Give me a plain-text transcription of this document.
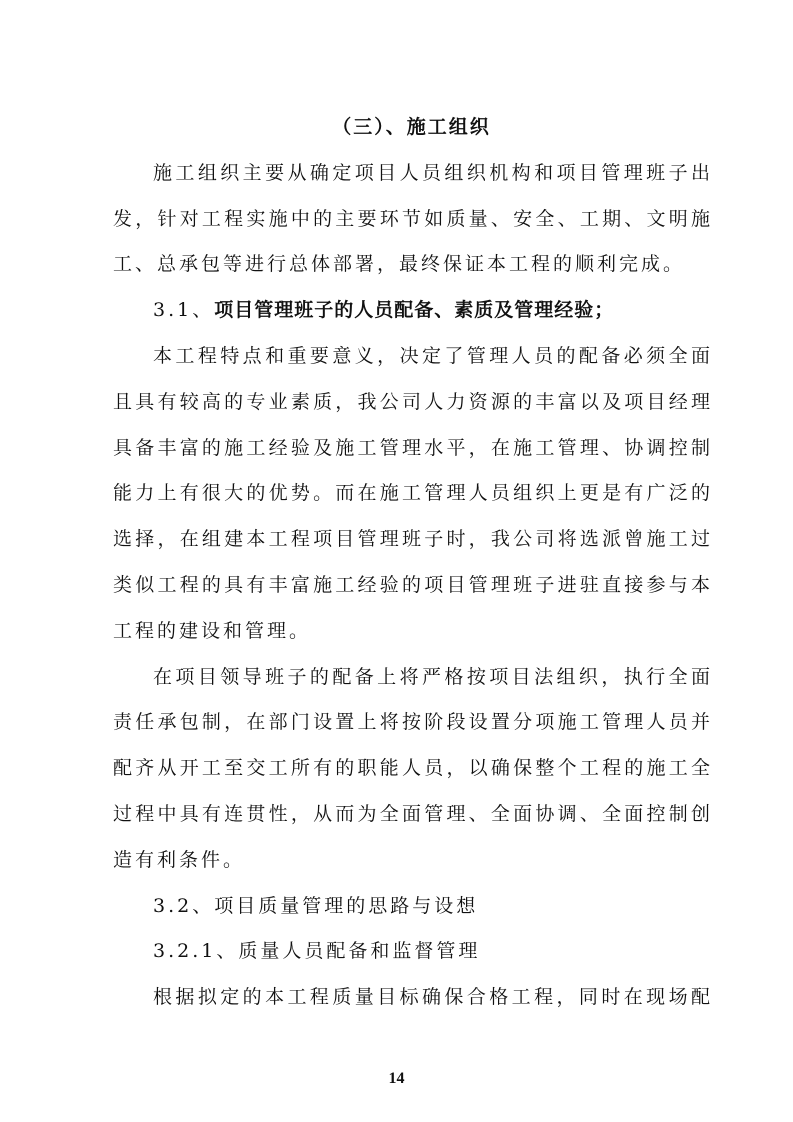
（三）、施工组织
施工组织主要从确定项目人员组织机构和项目管理班子出
发，针对工程实施中的主要环节如质量、安全、工期、文明施
工、总承包等进行总体部署，最终保证本工程的顺利完成。
3.1、项目管理班子的人员配备、素质及管理经验；
本工程特点和重要意义，决定了管理人员的配备必须全面
且具有较高的专业素质，我公司人力资源的丰富以及项目经理
具备丰富的施工经验及施工管理水平，在施工管理、协调控制
能力上有很大的优势。而在施工管理人员组织上更是有广泛的
选择，在组建本工程项目管理班子时，我公司将选派曾施工过
类似工程的具有丰富施工经验的项目管理班子进驻直接参与本
工程的建设和管理。
在项目领导班子的配备上将严格按项目法组织，执行全面
责任承包制，在部门设置上将按阶段设置分项施工管理人员并
配齐从开工至交工所有的职能人员，以确保整个工程的施工全
过程中具有连贯性，从而为全面管理、全面协调、全面控制创
造有利条件。
3.2、项目质量管理的思路与设想
3.2.1、质量人员配备和监督管理
根据拟定的本工程质量目标确保合格工程，同时在现场配
14
